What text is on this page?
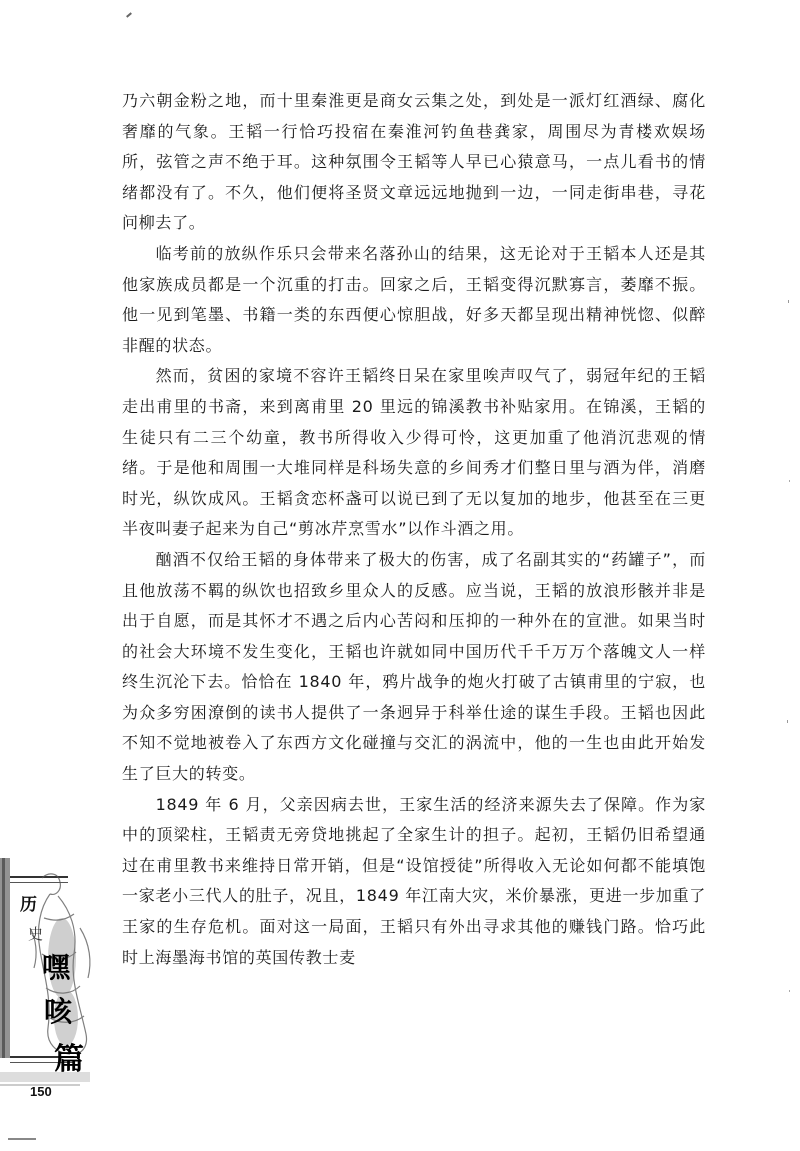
乃六朝金粉之地，而十里秦淮更是商女云集之处，到处是一派灯红酒绿、腐化奢靡的气象。王韬一行恰巧投宿在秦淮河钓鱼巷龚家，周围尽为青楼欢娱场所，弦管之声不绝于耳。这种氛围令王韬等人早已心猿意马，一点儿看书的情绪都没有了。不久，他们便将圣贤文章远远地抛到一边，一同走街串巷，寻花问柳去了。

临考前的放纵作乐只会带来名落孙山的结果，这无论对于王韬本人还是其他家族成员都是一个沉重的打击。回家之后，王韬变得沉默寡言，萎靡不振。他一见到笔墨、书籍一类的东西便心惊胆战，好多天都呈现出精神恍惚、似醉非醒的状态。

然而，贫困的家境不容许王韬终日呆在家里唉声叹气了，弱冠年纪的王韬走出甫里的书斋，来到离甫里 20 里远的锦溪教书补贴家用。在锦溪，王韬的生徒只有二三个幼童，教书所得收入少得可怜，这更加重了他消沉悲观的情绪。于是他和周围一大堆同样是科场失意的乡间秀才们整日里与酒为伴，消磨时光，纵饮成风。王韬贪恋杯盏可以说已到了无以复加的地步，他甚至在三更半夜叫妻子起来为自己“剪冰芹烹雪水”以作斗酒之用。

酗酒不仅给王韬的身体带来了极大的伤害，成了名副其实的“药罐子”，而且他放荡不羁的纵饮也招致乡里众人的反感。应当说，王韬的放浪形骸并非是出于自愿，而是其怀才不遇之后内心苦闷和压抑的一种外在的宣泄。如果当时的社会大环境不发生变化，王韬也许就如同中国历代千千万万个落魄文人一样终生沉沦下去。恰恰在 1840 年，鸦片战争的炮火打破了古镇甫里的宁寂，也为众多穷困潦倒的读书人提供了一条迥异于科举仕途的谋生手段。王韬也因此不知不觉地被卷入了东西方文化碰撞与交汇的涡流中，他的一生也由此开始发生了巨大的转变。

1849 年 6 月，父亲因病去世，王家生活的经济来源失去了保障。作为家中的顶梁柱，王韬责无旁贷地挑起了全家生计的担子。起初，王韬仍旧希望通过在甫里教书来维持日常开销，但是“设馆授徒”所得收入无论如何都不能填饱一家老小三代人的肚子，况且，1849 年江南大灾，米价暴涨，更进一步加重了王家的生存危机。面对这一局面，王韬只有外出寻求其他的赚钱门路。恰巧此时上海墨海书馆的英国传教士麦

历
史
嘿
咳
篇
150
